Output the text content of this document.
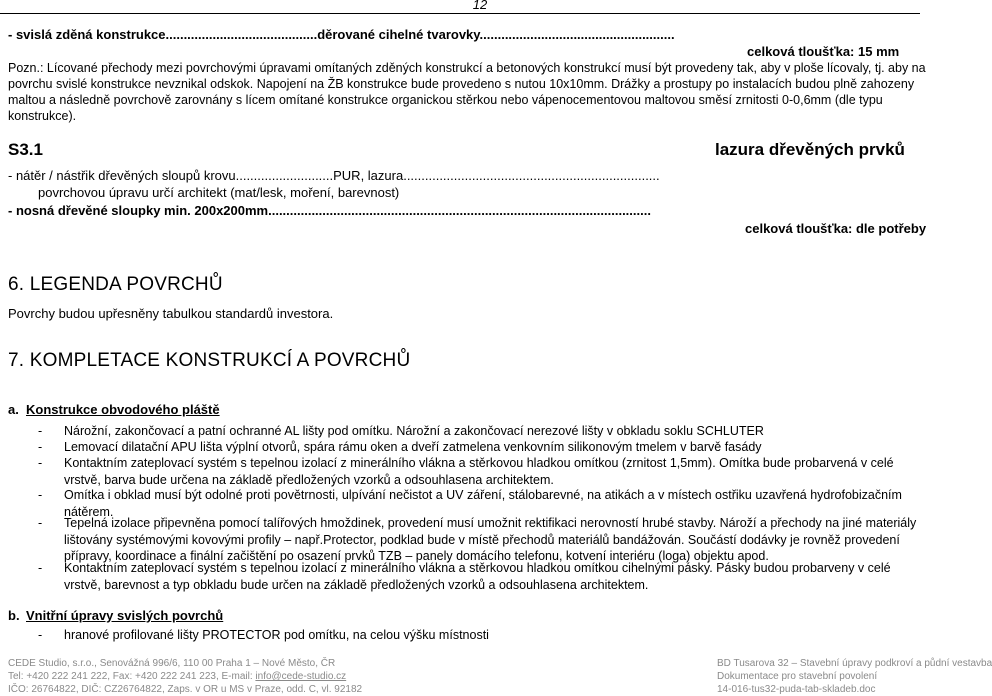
12
- svislá zděná konstrukce..........................................děrované cihelné tvarovky......................................................
celková tloušťka: 15 mm
Pozn.: Lícované přechody mezi povrchovými úpravami omítaných zděných konstrukcí a betonových konstrukcí musí být provedeny tak, aby v ploše lícovaly, tj. aby na povrchu svislé konstrukce nevznikal odskok. Napojení na ŽB konstrukce bude provedeno s nutou 10x10mm. Drážky a prostupy po instalacích budou plně zahozeny maltou a následně povrchově zarovnány s lícem omítané konstrukce organickou stěrkou nebo vápenocementovou maltovou směsí zrnitosti 0-0,6mm (dle typu konstrukce).
S3.1	lazura dřevěných prvků
- nátěr / nástřik dřevěných sloupů krovu...........................PUR, lazura.......................................................................
povrchovou úpravu určí architekt (mat/lesk, moření, barevnost)
- nosná dřevěné sloupky min. 200x200mm..........................................................................................................
celková tloušťka: dle potřeby
6. LEGENDA POVRCHŮ
Povrchy budou upřesněny tabulkou standardů investora.
7. KOMPLETACE KONSTRUKCÍ A POVRCHŮ
a. Konstrukce obvodového pláště
- Nárožní, zakončovací a patní ochranné AL lišty pod omítku. Nárožní a zakončovací nerezové lišty v obkladu soklu SCHLUTER
- Lemovací dilatační APU lišta výplní otvorů, spára rámu oken a dveří zatmelena venkovním silikonovým tmelem v barvě fasády
- Kontaktním zateplovací systém s tepelnou izolací z minerálního vlákna a stěrkovou hladkou omítkou (zrnitost 1,5mm). Omítka bude probarvená v celé vrstvě, barva bude určena na základě předložených vzorků a odsouhlasena architektem.
- Omítka i obklad musí být odolné proti povětrnosti, ulpívání nečistot a UV záření, stálobarevné, na atikách a v místech ostřiku uzavřená hydrofobizačním nátěrem.
- Tepelná izolace připevněna pomocí talířových hmoždinek, provedení musí umožnit rektifikaci nerovností hrubé stavby. Nároží a přechody na jiné materiály lištovány systémovými kovovými profily – např.Protector, podklad bude v místě přechodů materiálů bandážován. Součástí dodávky je rovněž provedení přípravy, koordinace a finální začištění po osazení prvků TZB – panely domácího telefonu, kotvení interiéru (loga) objektu apod.
- Kontaktním zateplovací systém s tepelnou izolací z minerálního vlákna a stěrkovou hladkou omítkou cihelnými pásky. Pásky budou probarveny v celé vrstvě, barevnost a typ obkladu bude určen na základě předložených vzorků a odsouhlasena architektem.
b. Vnitřní úpravy svislých povrchů
- hranové profilované lišty PROTECTOR pod omítku, na celou výšku místnosti
CEDE Studio, s.r.o., Senovážná 996/6, 110 00 Praha 1 – Nové Město, ČR
Tel: +420 222 241 222, Fax: +420 222 241 223, E-mail: info@cede-studio.cz
IČO: 26764822, DIČ: CZ26764822, Zaps. v OR u MS v Praze, odd. C, vl. 92182
BD Tusarova 32 – Stavební úpravy podkroví a půdní vestavba
Dokumentace pro stavební povolení
14-016-tus32-puda-tab-skladeb.doc
